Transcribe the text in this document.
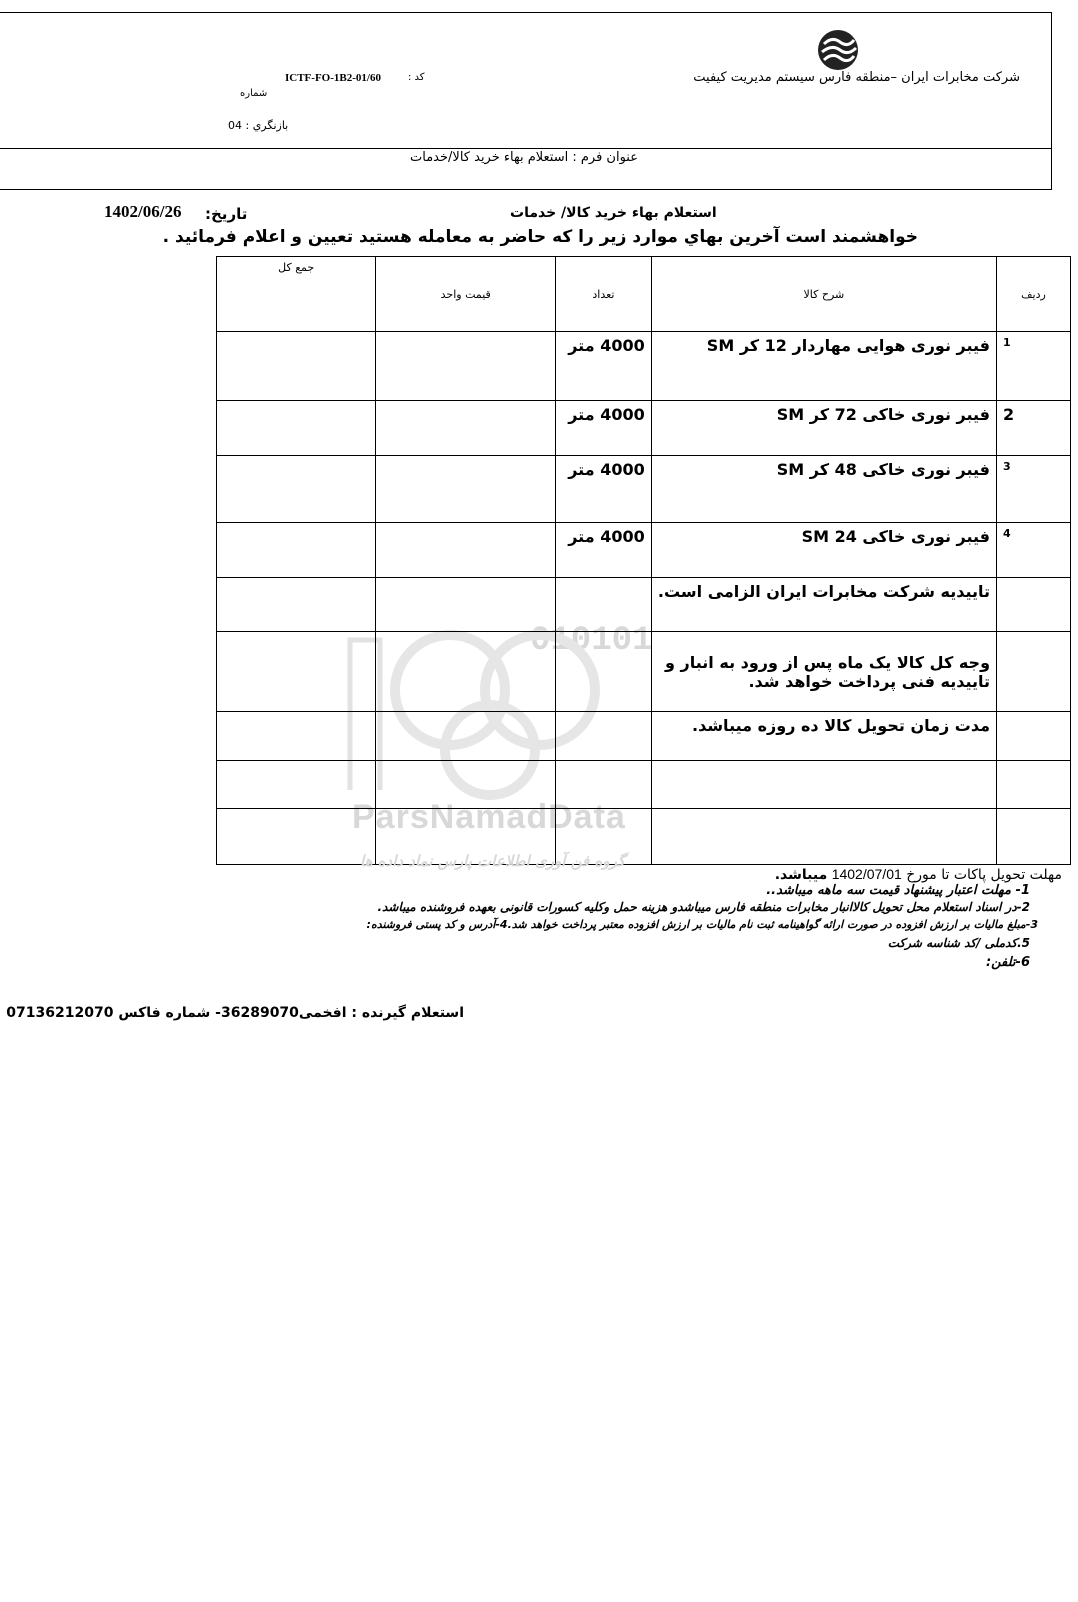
شرکت مخابرات ایران –منطقه فارس سیستم مدیریت کیفیت
ICTF-FO-1B2-01/60	کد :
شماره
بازنگري : 04
عنوان فرم : استعلام بهاء خرید کالا/خدمات
استعلام بهاء خرید کالا/ خدمات
1402/06/26 تاریخ:
خواهشمند است آخرین بهاي موارد زیر را که حاضر به معامله هستید تعیین و اعلام فرمائید .
ParsNamadData
010101
ردیف	شرح کالا	تعداد	قیمت واحد	جمع کل
1	فیبر نوری هوایی مهاردار 12 کر SM	4000 متر		
2	فیبر نوری خاکی 72 کر SM	4000 متر		
3	فیبر نوری خاکی 48 کر SM	4000 متر		
4	فیبر نوری خاکی SM 24	4000 متر		
	تاییدیه شرکت مخابرات ایران الزامی است.			
	وجه کل کالا یک ماه پس از ورود به انبار و تاییدیه فنی پرداخت خواهد شد.			
	مدت زمان تحویل کالا ده روزه میباشد.			

مهلت تحویل پاکات تا مورخ 1402/07/01 میباشد.
1- مهلت اعتبار پیشنهاد قیمت سه ماهه میباشد..
2-در اسناد استعلام محل تحویل کالاانبار مخابرات منطقه فارس میباشدو هزینه حمل وکلیه کسورات قانونی بعهده فروشنده میباشد.
3-مبلغ مالیات بر ارزش افزوده در صورت ارائه گواهینامه ثبت نام مالیات بر ارزش افزوده معتبر پرداخت خواهد شد.4-آدرس و کد پستی فروشنده:
5.کدملی /کد شناسه شرکت
6-تلفن:
گروه فن آوری اطلاعات پارس نماد داده ها
استعلام گیرنده : افخمی36289070- شماره فاکس 07136212070
